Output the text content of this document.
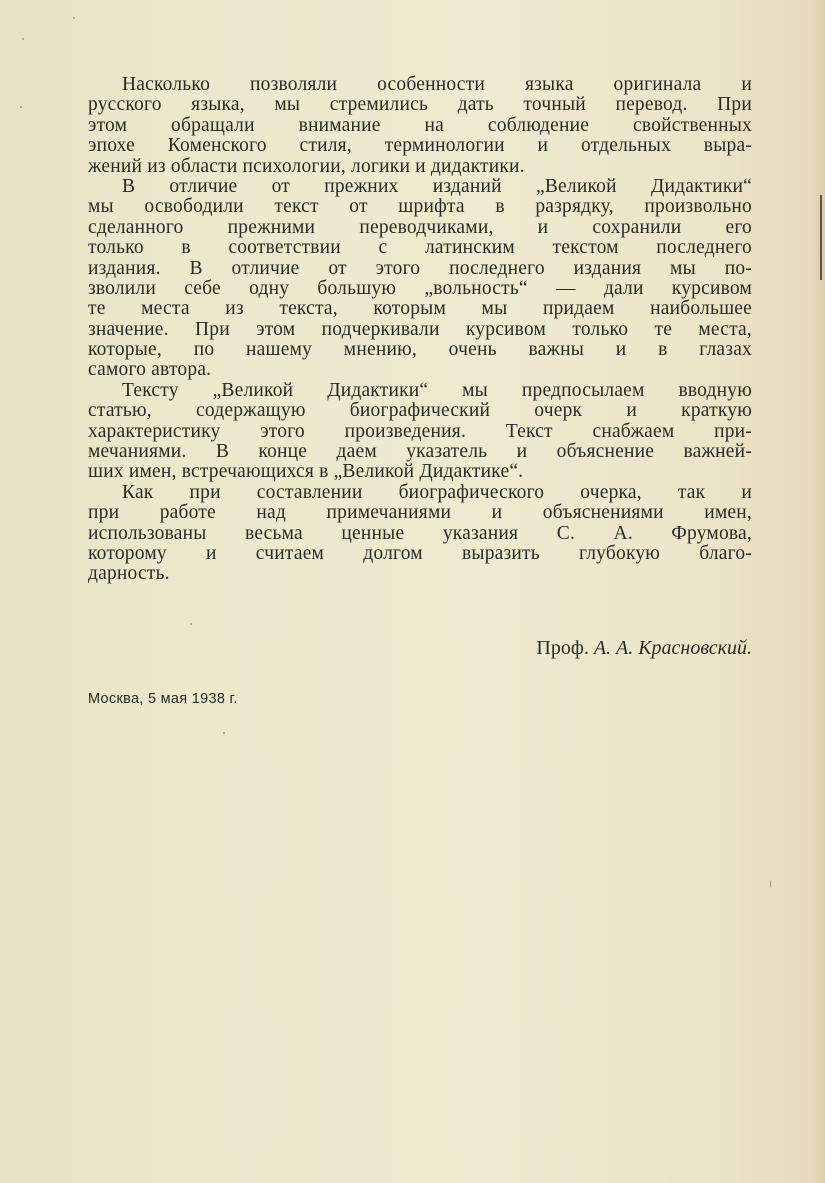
Насколько позволяли особенности языка оригинала и
русского языка, мы стремились дать точный перевод. При
этом обращали внимание на соблюдение свойственных
эпохе Коменского стиля, терминологии и отдельных выра-
жений из области психологии, логики и дидактики.
В отличие от прежних изданий „Великой Дидактики“
мы освободили текст от шрифта в разрядку, произвольно
сделанного прежними переводчиками, и сохранили его
только в соответствии с латинским текстом последнего
издания. В отличие от этого последнего издания мы по-
зволили себе одну большую „вольность“ — дали курсивом
те места из текста, которым мы придаем наибольшее
значение. При этом подчеркивали курсивом только те места,
которые, по нашему мнению, очень важны и в глазах
самого автора.
Тексту „Великой Дидактики“ мы предпосылаем вводную
статью, содержащую биографический очерк и краткую
характеристику этого произведения. Текст снабжаем при-
мечаниями. В конце даем указатель и объяснение важней-
ших имен, встречающихся в „Великой Дидактике“.
Как при составлении биографического очерка, так и
при работе над примечаниями и объяснениями имен,
использованы весьма ценные указания С. А. Фрумова,
которому и считаем долгом выразить глубокую благо-
дарность.
Проф. А. А. Красновский.
Москва, 5 мая 1938 г.
